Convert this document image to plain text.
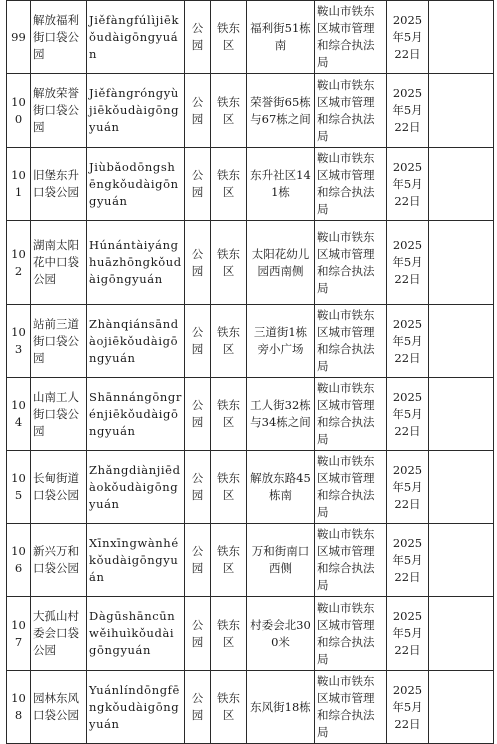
99	解放福利街口袋公园	Jiěfàngfúlìjiēkǒudàigōngyuán	公园	铁东区	福利街51栋南	鞍山市铁东区城市管理和综合执法局	2025年5月22日	
100	解放荣誉街口袋公园	Jiěfàngróngyùjiēkǒudàigōngyuán	公园	铁东区	荣誉街65栋与67栋之间	鞍山市铁东区城市管理和综合执法局	2025年5月22日	
101	旧堡东升口袋公园	Jiùbǎodōngshēngkǒudàigōngyuán	公园	铁东区	东升社区141栋	鞍山市铁东区城市管理和综合执法局	2025年5月22日	
102	湖南太阳花中口袋公园	Húnántàiyánghuāzhōngkǒudàigōngyuán	公园	铁东区	太阳花幼儿园西南侧	鞍山市铁东区城市管理和综合执法局	2025年5月22日	
103	站前三道街口袋公园	Zhànqiánsāndàojiēkǒudàigōngyuán	公园	铁东区	三道街1栋旁小广场	鞍山市铁东区城市管理和综合执法局	2025年5月22日	
104	山南工人街口袋公园	Shānnángōngrénjiēkǒudàigōngyuán	公园	铁东区	工人街32栋与34栋之间	鞍山市铁东区城市管理和综合执法局	2025年5月22日	
105	长甸街道口袋公园	Zhǎngdiànjiēdàokǒudàigōngyuán	公园	铁东区	解放东路45栋南	鞍山市铁东区城市管理和综合执法局	2025年5月22日	
106	新兴万和口袋公园	Xīnxīngwànhékǒudàigōngyuán	公园	铁东区	万和街南口西侧	鞍山市铁东区城市管理和综合执法局	2025年5月22日	
107	大孤山村委会口袋公园	Dàgūshāncūnwěihuìkǒudàigōngyuán	公园	铁东区	村委会北300米	鞍山市铁东区城市管理和综合执法局	2025年5月22日	
108	园林东风口袋公园	Yuánlíndōngfēngkǒudàigōngyuán	公园	铁东区	东风街18栋	鞍山市铁东区城市管理和综合执法局	2025年5月22日	
